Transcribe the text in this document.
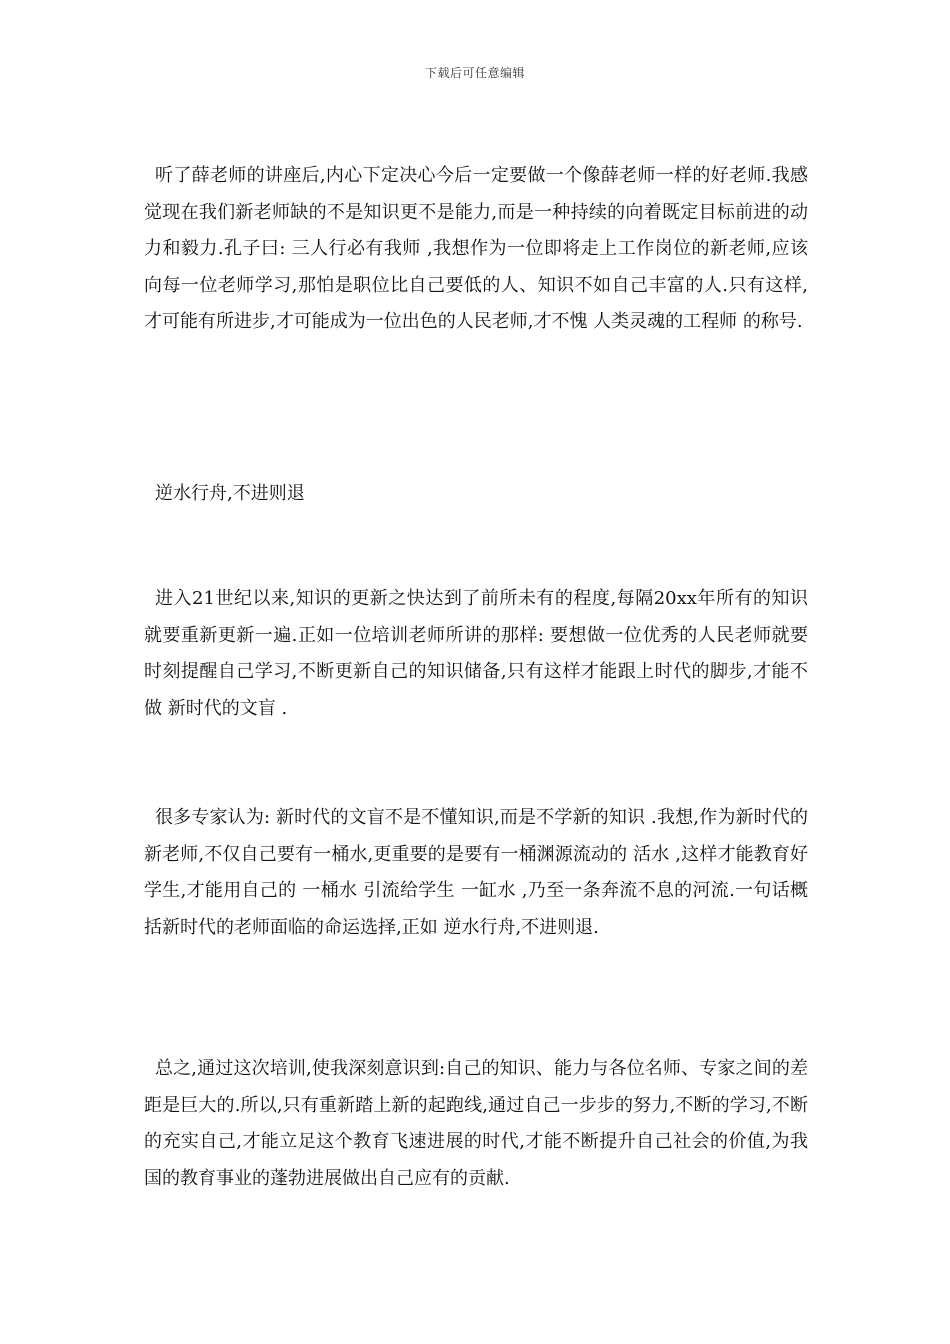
下载后可任意编辑

听了薛老师的讲座后,内心下定决心今后一定要做一个像薛老师一样的好老师.我感觉现在我们新老师缺的不是知识更不是能力,而是一种持续的向着既定目标前进的动力和毅力.孔子曰: 三人行必有我师 ,我想作为一位即将走上工作岗位的新老师,应该向每一位老师学习,那怕是职位比自己要低的人、知识不如自己丰富的人.只有这样,才可能有所进步,才可能成为一位出色的人民老师,才不愧 人类灵魂的工程师 的称号.

逆水行舟,不进则退

进入21世纪以来,知识的更新之快达到了前所未有的程度,每隔20xx年所有的知识就要重新更新一遍.正如一位培训老师所讲的那样: 要想做一位优秀的人民老师就要时刻提醒自己学习,不断更新自己的知识储备,只有这样才能跟上时代的脚步,才能不做 新时代的文盲 .

很多专家认为: 新时代的文盲不是不懂知识,而是不学新的知识 .我想,作为新时代的新老师,不仅自己要有一桶水,更重要的是要有一桶渊源流动的 活水 ,这样才能教育好学生,才能用自己的 一桶水 引流给学生 一缸水 ,乃至一条奔流不息的河流.一句话概括新时代的老师面临的命运选择,正如 逆水行舟,不进则退.

总之,通过这次培训,使我深刻意识到:自己的知识、能力与各位名师、专家之间的差距是巨大的.所以,只有重新踏上新的起跑线,通过自己一步步的努力,不断的学习,不断的充实自己,才能立足这个教育飞速进展的时代,才能不断提升自己社会的价值,为我国的教育事业的蓬勃进展做出自己应有的贡献.
